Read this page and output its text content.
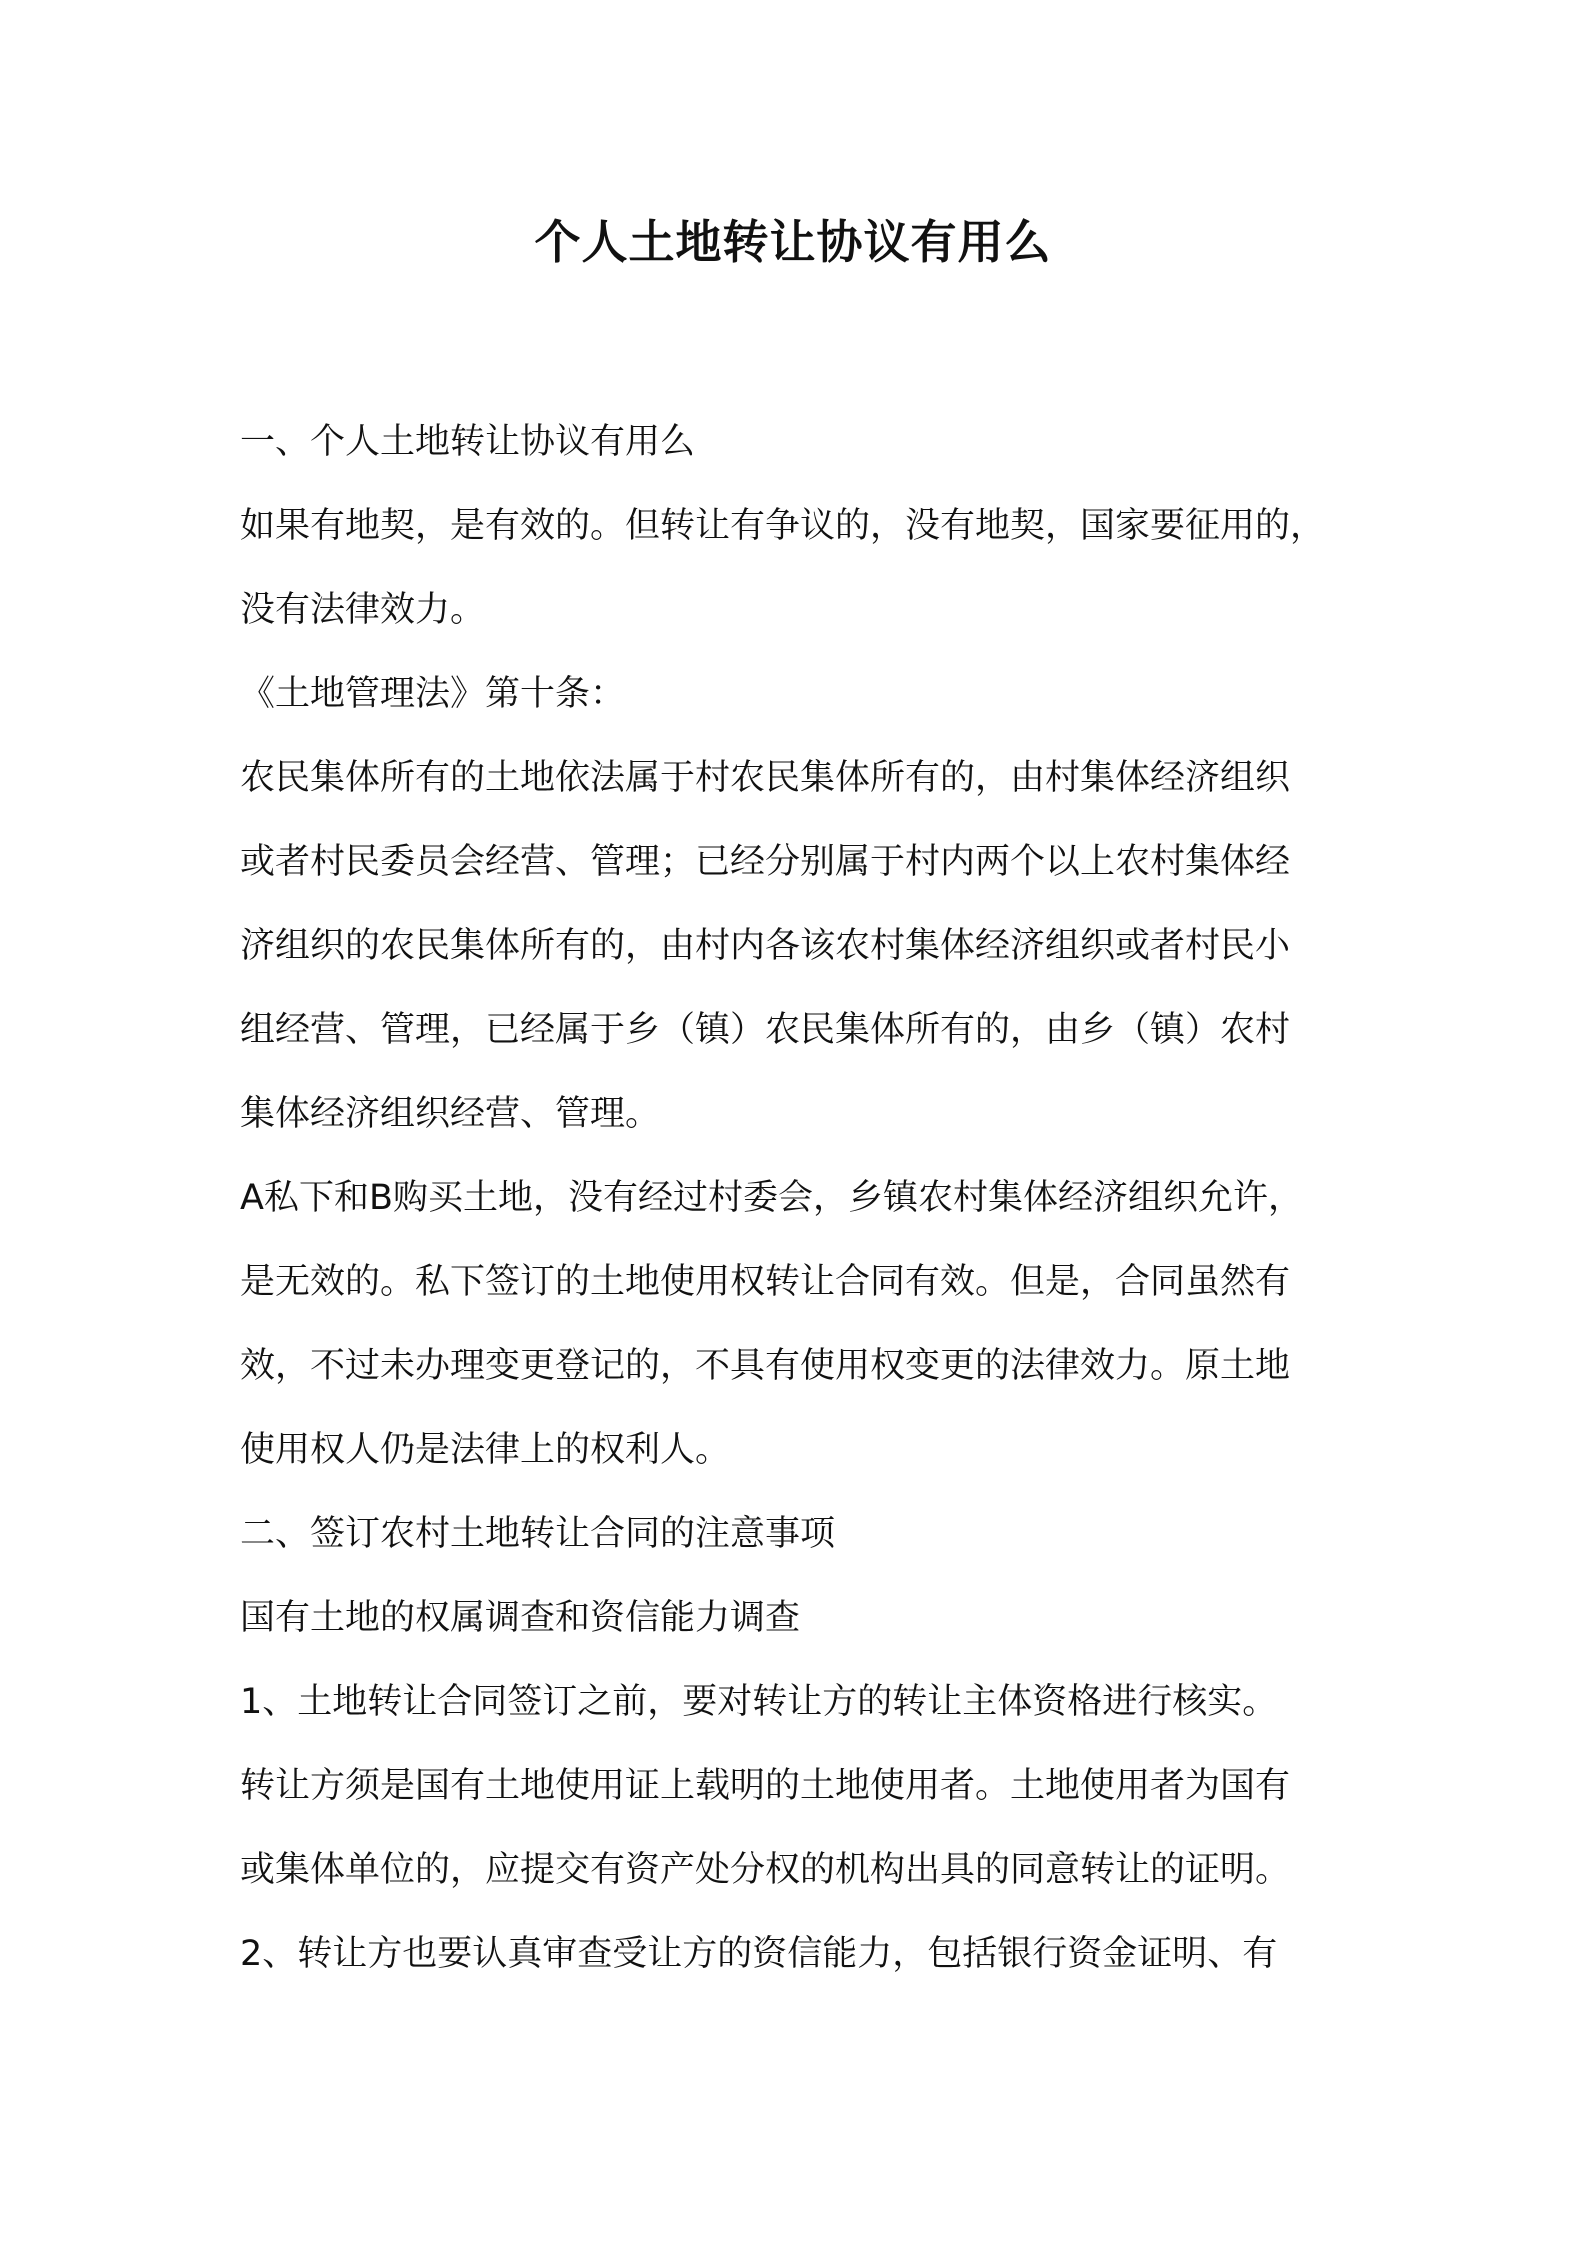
个人土地转让协议有用么
一、个人土地转让协议有用么
如果有地契，是有效的。但转让有争议的，没有地契，国家要征用的，
没有法律效力。
《土地管理法》第十条：
农民集体所有的土地依法属于村农民集体所有的，由村集体经济组织
或者村民委员会经营、管理；已经分别属于村内两个以上农村集体经
济组织的农民集体所有的，由村内各该农村集体经济组织或者村民小
组经营、管理，已经属于乡（镇）农民集体所有的，由乡（镇）农村
集体经济组织经营、管理。
A私下和B购买土地，没有经过村委会，乡镇农村集体经济组织允许，
是无效的。私下签订的土地使用权转让合同有效。但是，合同虽然有
效，不过未办理变更登记的，不具有使用权变更的法律效力。原土地
使用权人仍是法律上的权利人。
二、签订农村土地转让合同的注意事项
国有土地的权属调查和资信能力调查
1、土地转让合同签订之前，要对转让方的转让主体资格进行核实。
转让方须是国有土地使用证上载明的土地使用者。土地使用者为国有
或集体单位的，应提交有资产处分权的机构出具的同意转让的证明。
2、转让方也要认真审查受让方的资信能力，包括银行资金证明、有
